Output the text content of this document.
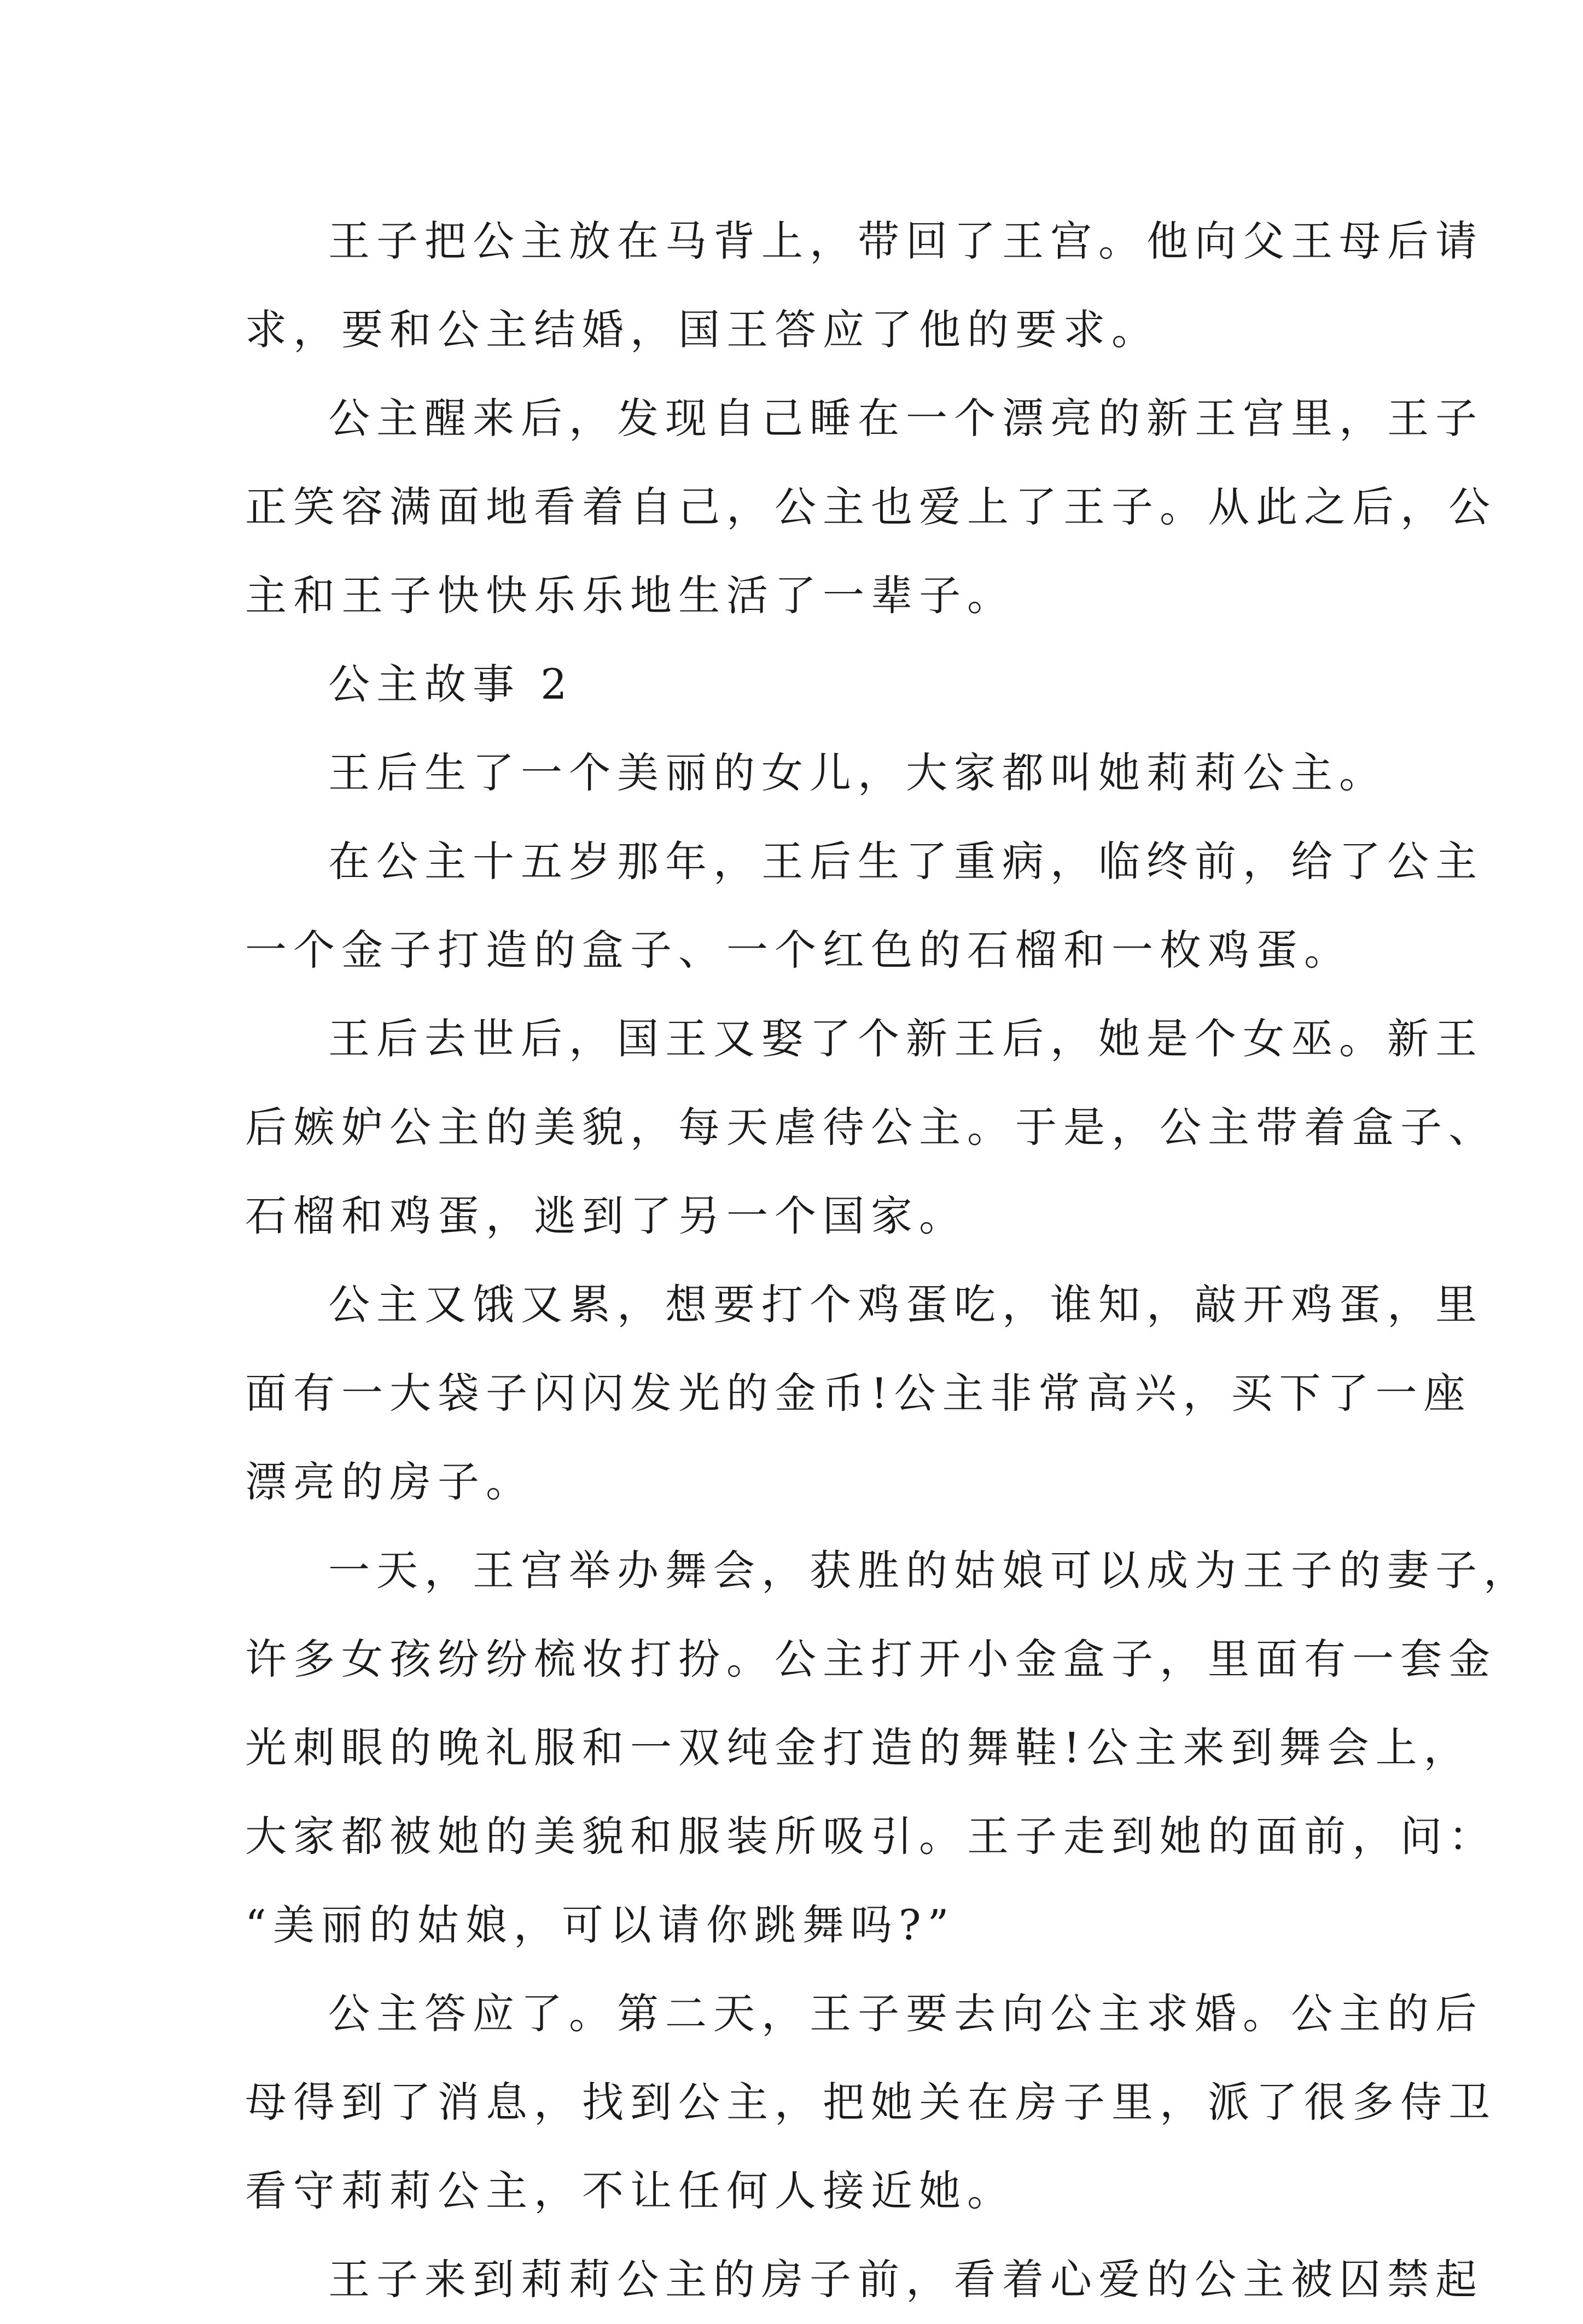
王子把公主放在马背上，带回了王宫。他向父王母后请
求，要和公主结婚，国王答应了他的要求。
公主醒来后，发现自己睡在一个漂亮的新王宫里，王子
正笑容满面地看着自己，公主也爱上了王子。从此之后，公
主和王子快快乐乐地生活了一辈子。
公主故事 2
王后生了一个美丽的女儿，大家都叫她莉莉公主。
在公主十五岁那年，王后生了重病，临终前，给了公主
一个金子打造的盒子、一个红色的石榴和一枚鸡蛋。
王后去世后，国王又娶了个新王后，她是个女巫。新王
后嫉妒公主的美貌，每天虐待公主。于是，公主带着盒子、
石榴和鸡蛋，逃到了另一个国家。
公主又饿又累，想要打个鸡蛋吃，谁知，敲开鸡蛋，里
面有一大袋子闪闪发光的金币!公主非常高兴，买下了一座
漂亮的房子。
一天，王宫举办舞会，获胜的姑娘可以成为王子的妻子，
许多女孩纷纷梳妆打扮。公主打开小金盒子，里面有一套金
光刺眼的晚礼服和一双纯金打造的舞鞋!公主来到舞会上，
大家都被她的美貌和服装所吸引。王子走到她的面前，问：
“美丽的姑娘，可以请你跳舞吗?”
公主答应了。第二天，王子要去向公主求婚。公主的后
母得到了消息，找到公主，把她关在房子里，派了很多侍卫
看守莉莉公主，不让任何人接近她。
王子来到莉莉公主的房子前，看着心爱的公主被囚禁起
